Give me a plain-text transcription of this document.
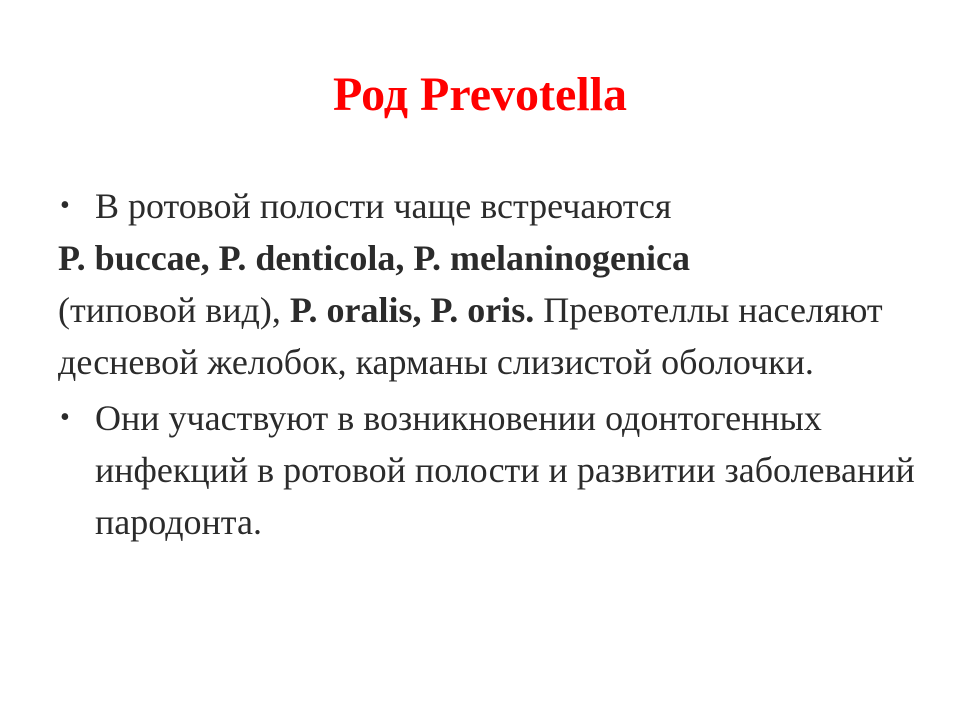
Род Prevotella
• В ротовой полости чаще встречаются

P. buccae, P. denticola, P. melaninogenica
(типовой вид), P. oralis, P. oris. Превотеллы населяют десневой желобок, карманы слизистой оболочки.

• Они участвуют в возникновении одонтогенных инфекций в ротовой полости и развитии заболеваний пародонта.
